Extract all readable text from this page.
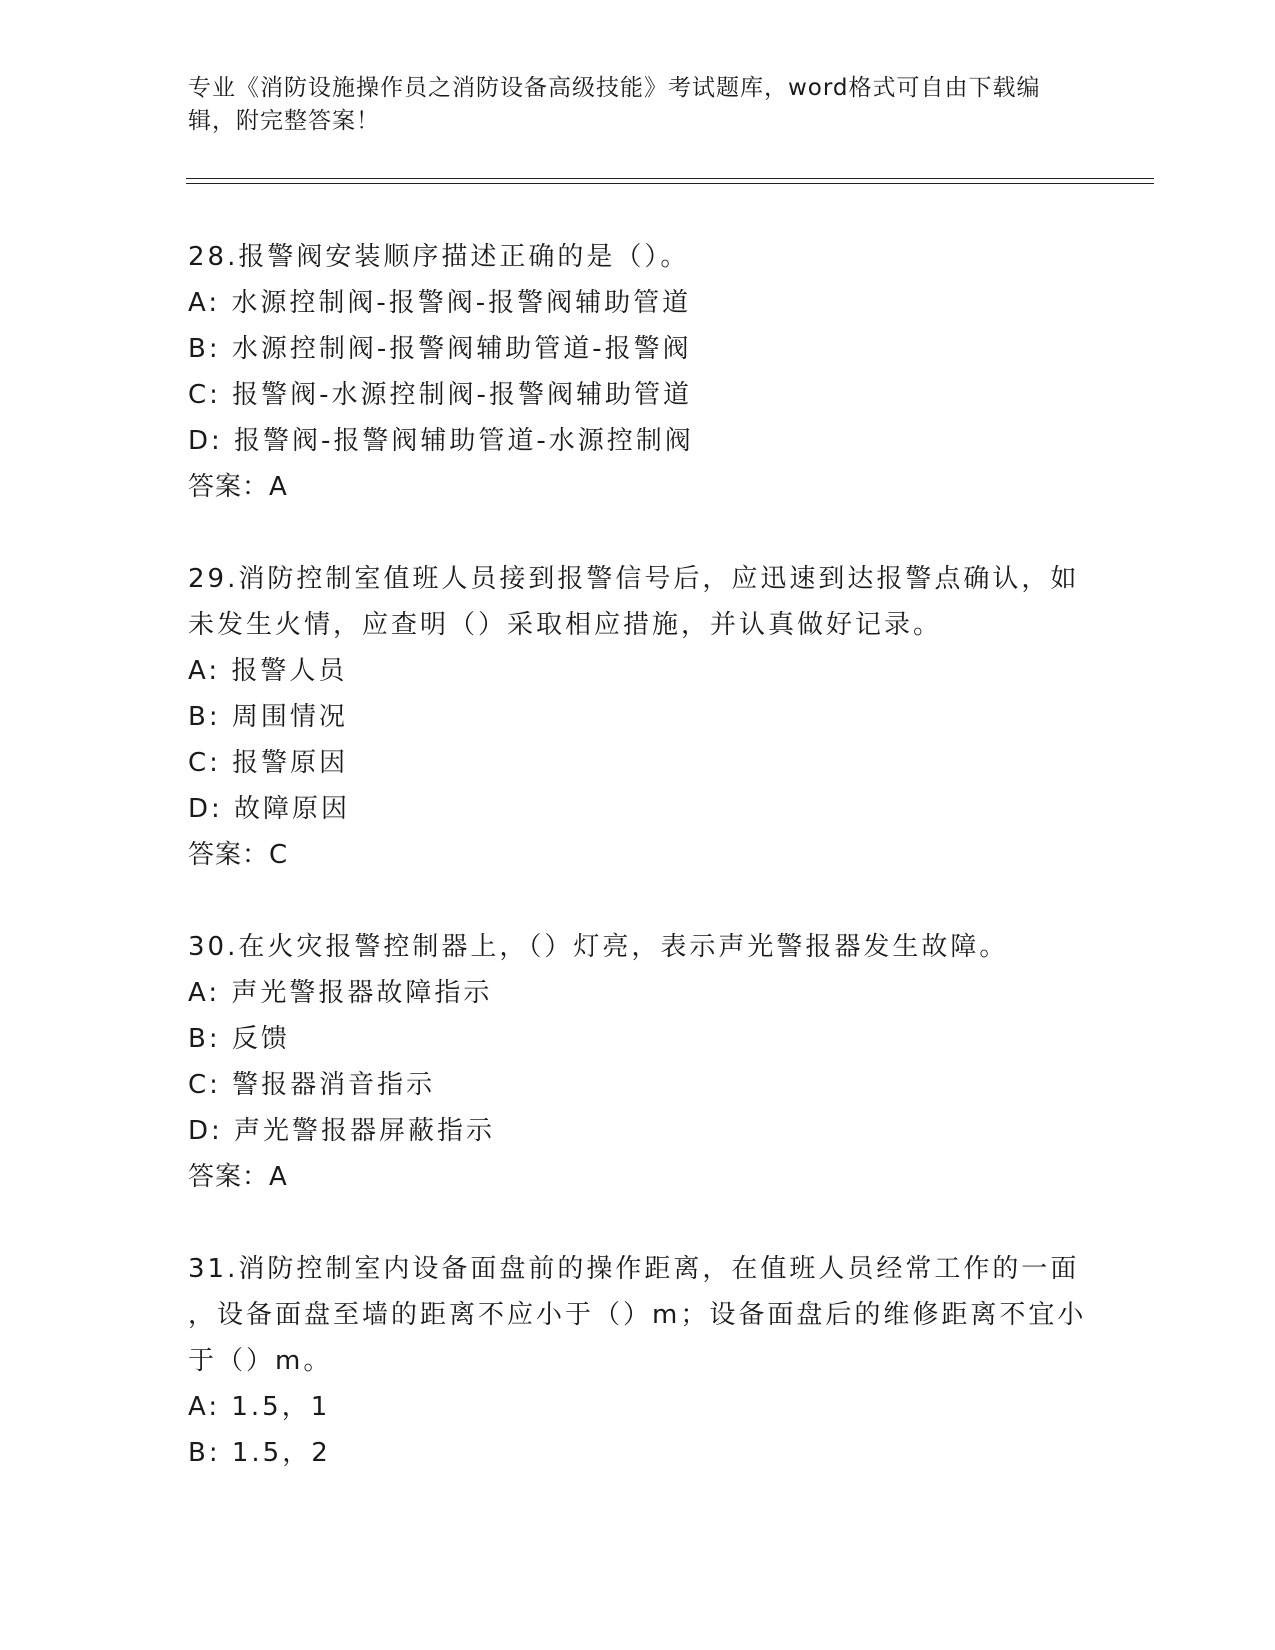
专业《消防设施操作员之消防设备高级技能》考试题库，word格式可自由下载编
辑，附完整答案！
28.报警阀安装顺序描述正确的是（）。
A: 水源控制阀-报警阀-报警阀辅助管道
B: 水源控制阀-报警阀辅助管道-报警阀
C: 报警阀-水源控制阀-报警阀辅助管道
D: 报警阀-报警阀辅助管道-水源控制阀
答案：A
29.消防控制室值班人员接到报警信号后，应迅速到达报警点确认，如
未发生火情，应查明（）采取相应措施，并认真做好记录。
A: 报警人员
B: 周围情况
C: 报警原因
D: 故障原因
答案：C
30.在火灾报警控制器上，（）灯亮，表示声光警报器发生故障。
A: 声光警报器故障指示
B: 反馈
C: 警报器消音指示
D: 声光警报器屏蔽指示
答案：A
31.消防控制室内设备面盘前的操作距离，在值班人员经常工作的一面
，设备面盘至墙的距离不应小于（）m；设备面盘后的维修距离不宜小
于（）m。
A: 1.5，1
B: 1.5，2
